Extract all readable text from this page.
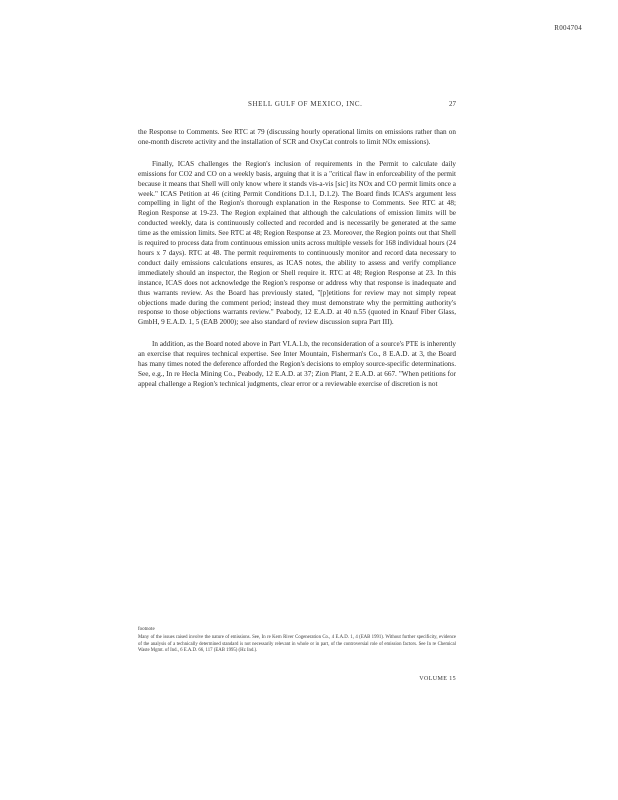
R004704
SHELL GULF OF MEXICO, INC.	27

the Response to Comments. See RTC at 79 (discussing hourly operational limits on emissions rather than on one-month discrete activity and the installation of SCR and OxyCat controls to limit NOx emissions).

Finally, ICAS challenges the Region's inclusion of requirements in the Permit to calculate daily emissions for CO2 and CO on a weekly basis, arguing that it is a "critical flaw in enforceability of the permit because it means that Shell will only know where it stands vis-a-vis [sic] its NOx and CO permit limits once a week." ICAS Petition at 46 (citing Permit Conditions D.1.1, D.1.2). The Board finds ICAS's argument less compelling in light of the Region's thorough explanation in the Response to Comments. See RTC at 48; Region Response at 19-23. The Region explained that although the calculations of emission limits will be conducted weekly, data is continuously collected and recorded and is necessarily be generated at the same time as the emission limits. See RTC at 48; Region Response at 23. Moreover, the Region points out that Shell is required to process data from continuous emission units across multiple vessels for 168 individual hours (24 hours x 7 days). RTC at 48. The permit requirements to continuously monitor and record data necessary to conduct daily emissions calculations ensures, as ICAS notes, the ability to assess and verify compliance immediately should an inspector, the Region or Shell require it. RTC at 48; Region Response at 23. In this instance, ICAS does not acknowledge the Region's response or address why that response is inadequate and thus warrants review. As the Board has previously stated, "[p]etitions for review may not simply repeat objections made during the comment period; instead they must demonstrate why the permitting authority's response to those objections warrants review." Peabody, 12 E.A.D. at 40 n.55 (quoted in Knauf Fiber Glass, GmbH, 9 E.A.D. 1, 5 (EAB 2000); see also standard of review discussion supra Part III).

In addition, as the Board noted above in Part VI.A.1.b, the reconsideration of a source's PTE is inherently an exercise that requires technical expertise. See Inter Mountain, Fisherman's Co., 8 E.A.D. at 3, the Board has many times noted the deference afforded the Region's decisions to employ source-specific determinations. See, e.g., In re Hecla Mining Co., Peabody, 12 E.A.D. at 37; Zion Plant, 2 E.A.D. at 667. "When petitions for appeal challenge a Region's technical judgments, clear error or a reviewable exercise of discretion is not

footnote
Many of the issues raised involve the nature of emissions. See, In re Kern River Cogeneration Co., 4 E.A.D. 1, 4 (EAB 1991). Without further specificity, evidence of the analysis of a technically determined standard is not necessarily relevant in whole or in part, of the controversial role of emission factors. See In re Chemical Waste Mgmt. of Ind., 6 E.A.D. 66, 117 (EAB 1995) (Hz Ind.).
VOLUME 15
